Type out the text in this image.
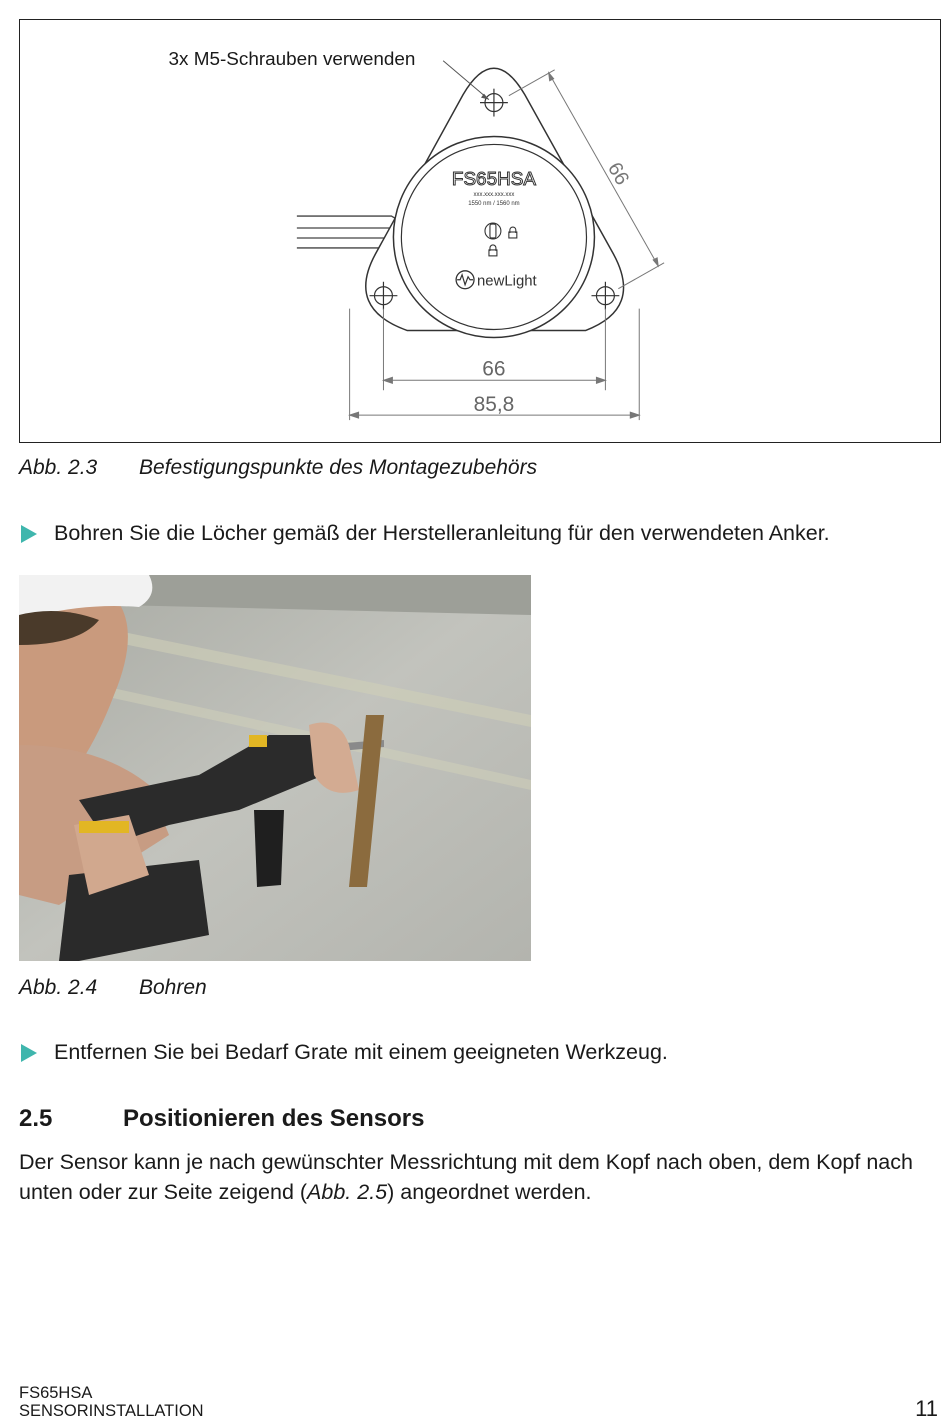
FS65HSA
xxx.xxx.xxx.xxx
1550 nm / 1560 nm
newLight
3x M5-Schrauben verwenden
66
66
85,8
Abb. 2.3 Befestigungspunkte des Montagezubehörs
Bohren Sie die Löcher gemäß der Herstelleranleitung für den verwendeten Anker.
Abb. 2.4 Bohren
Entfernen Sie bei Bedarf Grate mit einem geeigneten Werkzeug.
2.5	Positionieren des Sensors
Der Sensor kann je nach gewünschter Messrichtung mit dem Kopf nach oben, dem Kopf nach unten oder zur Seite zeigend (Abb. 2.5) angeordnet werden.
FS65HSA
SENSORINSTALLATION	11
